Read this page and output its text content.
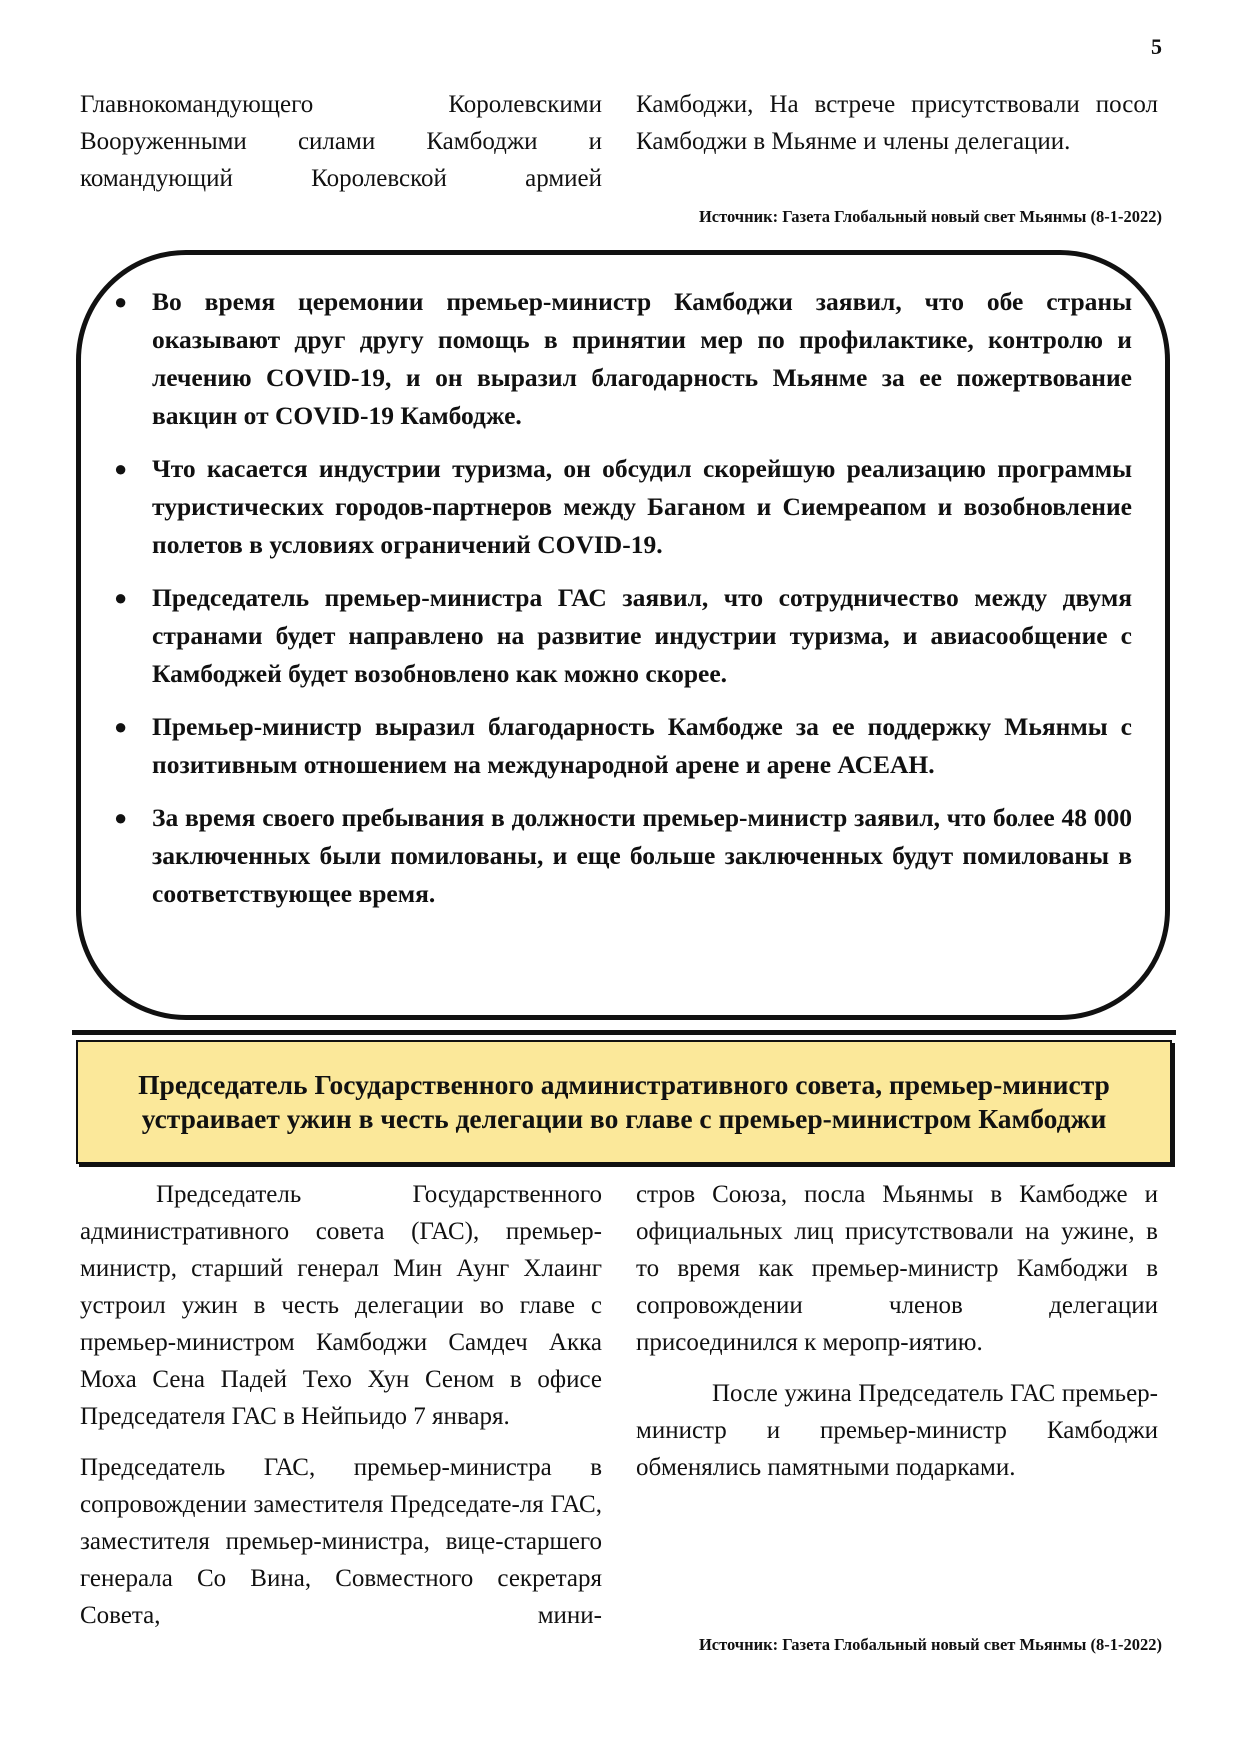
5

Главнокомандующего Королевскими Вооруженными силами Камбоджи и командующий Королевской армией

Камбоджи, На встрече присутствовали посол Камбоджи в Мьянме и члены делегации.

Источник: Газета Глобальный новый свет Мьянмы (8-1-2022)
● Во время церемонии премьер-министр Камбоджи заявил, что обе страны оказывают друг другу помощь в принятии мер по профилактике, контролю и лечению COVID-19, и он выразил благодарность Мьянме за ее пожертвование вакцин от COVID-19 Камбодже.
● Что касается индустрии туризма, он обсудил скорейшую реализацию программы туристических городов-партнеров между Баганом и Сиемреапом и возобновление полетов в условиях ограничений COVID-19.
● Председатель премьер-министра ГАС заявил, что сотрудничество между двумя странами будет направлено на развитие индустрии туризма, и авиасообщение с Камбоджей будет возобновлено как можно скорее.
● Премьер-министр выразил благодарность Камбодже за ее поддержку Мьянмы с позитивным отношением на международной арене и арене АСЕАН.
● За время своего пребывания в должности премьер-министр заявил, что более 48 000 заключенных были помилованы, и еще больше заключенных будут помилованы в соответствующее время.
Председатель Государственного административного совета, премьер-министр устраивает ужин в честь делегации во главе с премьер-министром Камбоджи

Председатель Государственного административного совета (ГАС), премьер-министр, старший генерал Мин Аунг Хлаинг устроил ужин в честь делегации во главе с премьер-министром Камбоджи Самдеч Акка Моха Сена Падей Техо Хун Сеном в офисе Председателя ГАС в Нейпьидо 7 января.

Председатель ГАС, премьер-министра в сопровождении заместителя Председате-ля ГАС, заместителя премьер-министра, вице-старшего генерала Со Вина, Совместного секретаря Совета, мини-

стров Союза, посла Мьянмы в Камбодже и официальных лиц присутствовали на ужине, в то время как премьер-министр Камбоджи в сопровождении членов делегации присоединился к меропр-иятию.

После ужина Председатель ГАС премьер-министр и премьер-министр Камбоджи обменялись памятными подарками.

Источник: Газета Глобальный новый свет Мьянмы (8-1-2022)
